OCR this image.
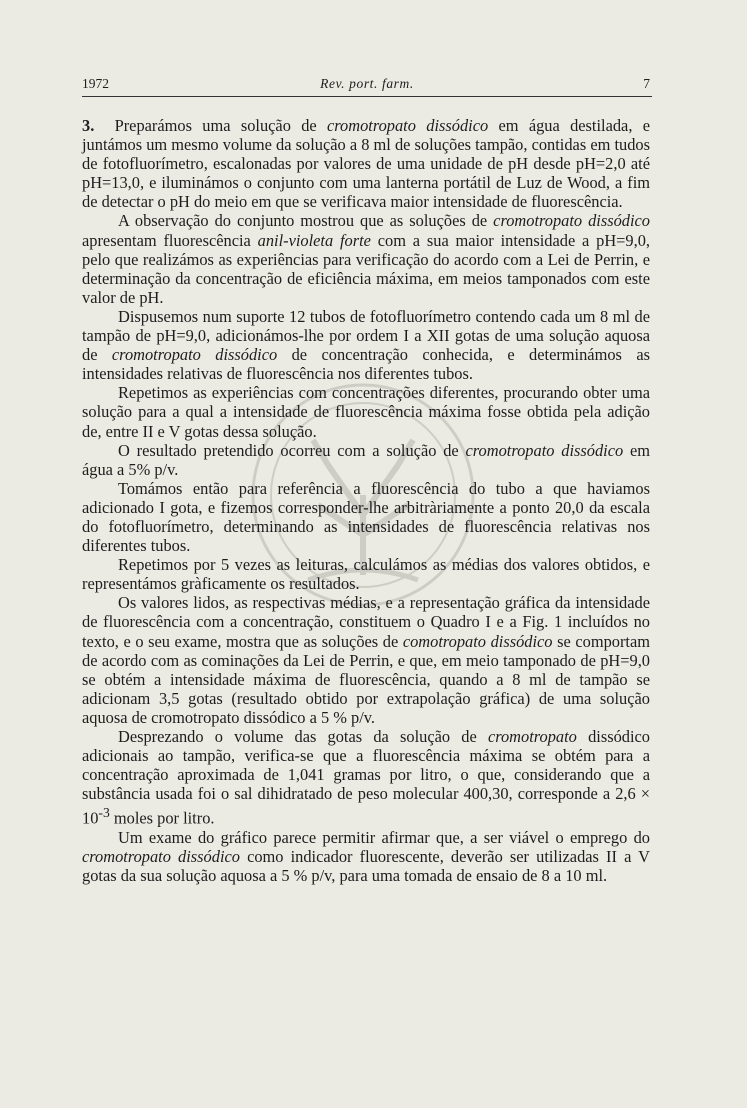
1972	Rev. port. farm.	7

3. Preparámos uma solução de cromotropato dissódico em água destilada, e juntámos um mesmo volume da solução a 8 ml de soluções tampão, contidas em tudos de fotofluorímetro, escalonadas por valores de uma unidade de pH desde pH=2,0 até pH=13,0, e iluminámos o conjunto com uma lanterna portátil de Luz de Wood, a fim de detectar o pH do meio em que se verificava maior intensidade de fluorescência.

A observação do conjunto mostrou que as soluções de cromotropato dissódico apresentam fluorescência anil-violeta forte com a sua maior intensidade a pH=9,0, pelo que realizámos as experiências para verificação do acordo com a Lei de Perrin, e determinação da concentração de eficiência máxima, em meios tamponados com este valor de pH.

Dispusemos num suporte 12 tubos de fotofluorímetro contendo cada um 8 ml de tampão de pH=9,0, adicionámos-lhe por ordem I a XII gotas de uma solução aquosa de cromotropato dissódico de concentração conhecida, e determinámos as intensidades relativas de fluorescência nos diferentes tubos.

Repetimos as experiências com concentrações diferentes, procurando obter uma solução para a qual a intensidade de fluorescência máxima fosse obtida pela adição de, entre II e V gotas dessa solução.

O resultado pretendido ocorreu com a solução de cromotropato dissódico em água a 5% p/v.

Tomámos então para referência a fluorescência do tubo a que haviamos adicionado I gota, e fizemos corresponder-lhe arbitràriamente a ponto 20,0 da escala do fotofluorímetro, determinando as intensidades de fluorescência relativas nos diferentes tubos.

Repetimos por 5 vezes as leituras, calculámos as médias dos valores obtidos, e representámos gràficamente os resultados.

Os valores lidos, as respectivas médias, e a representação gráfica da intensidade de fluorescência com a concentração, constituem o Quadro I e a Fig. 1 incluídos no texto, e o seu exame, mostra que as soluções de comotropato dissódico se comportam de acordo com as cominações da Lei de Perrin, e que, em meio tamponado de pH=9,0 se obtém a intensidade máxima de fluorescência, quando a 8 ml de tampão se adicionam 3,5 gotas (resultado obtido por extrapolação gráfica) de uma solução aquosa de cromotropato dissódico a 5 % p/v.

Desprezando o volume das gotas da solução de cromotropato dissódico adicionais ao tampão, verifica-se que a fluorescência máxima se obtém para a concentração aproximada de 1,041 gramas por litro, o que, considerando que a substância usada foi o sal dihidratado de peso molecular 400,30, corresponde a $2,6 \times 10^{-3}$ moles por litro.

Um exame do gráfico parece permitir afirmar que, a ser viável o emprego do cromotropato dissódico como indicador fluorescente, deverão ser utilizadas II a V gotas da sua solução aquosa a 5 % p/v, para uma tomada de ensaio de 8 a 10 ml.
